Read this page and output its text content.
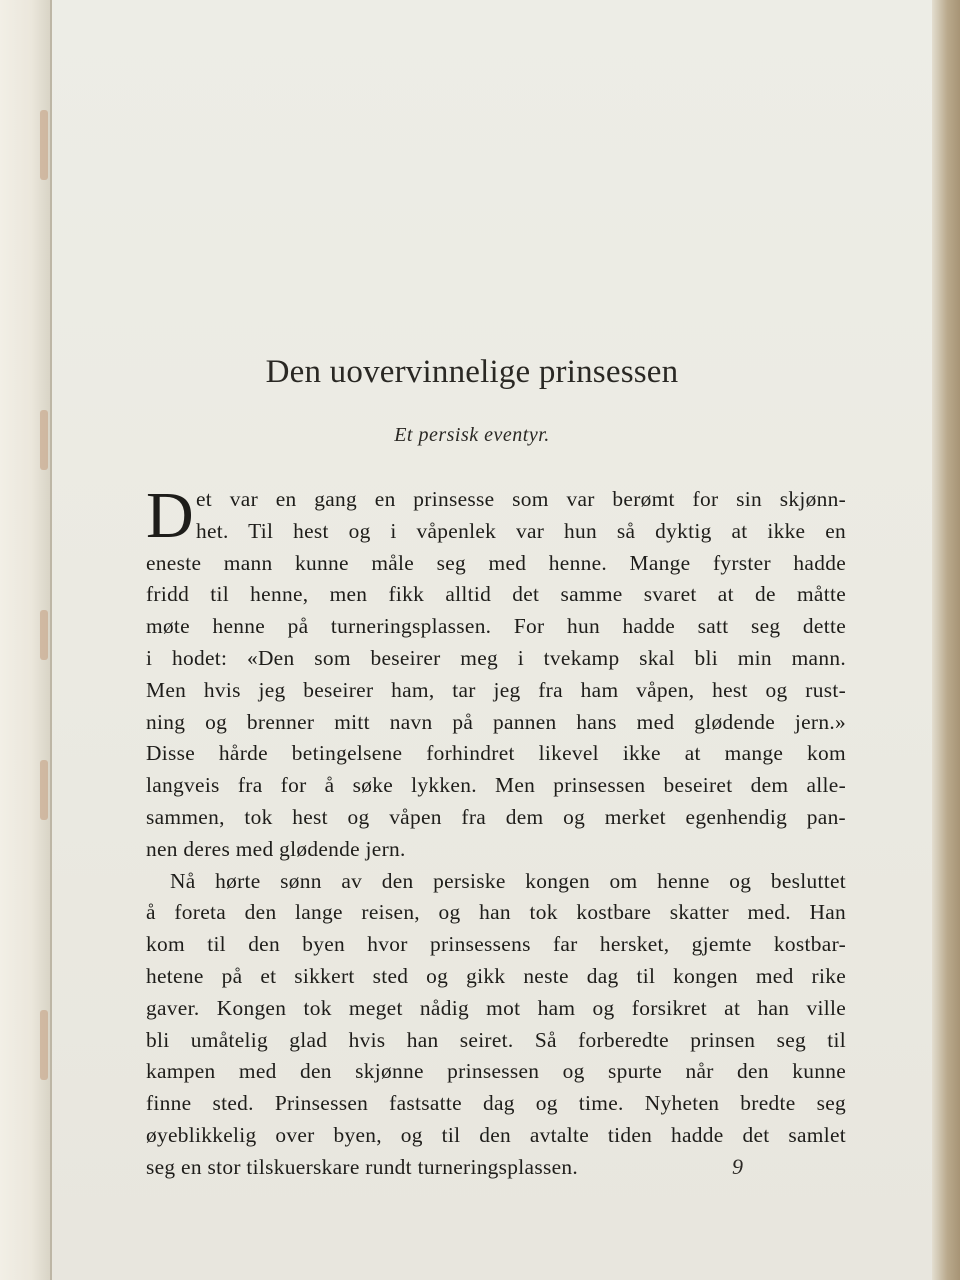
Den uovervinnelige prinsessen
Et persisk eventyr.
D et var en gang en prinsesse som var berømt for sin skjønn-
het. Til hest og i våpenlek var hun så dyktig at ikke en
eneste mann kunne måle seg med henne. Mange fyrster hadde
fridd til henne, men fikk alltid det samme svaret at de måtte
møte henne på turneringsplassen. For hun hadde satt seg dette
i hodet: «Den som beseirer meg i tvekamp skal bli min mann.
Men hvis jeg beseirer ham, tar jeg fra ham våpen, hest og rust-
ning og brenner mitt navn på pannen hans med glødende jern.»
Disse hårde betingelsene forhindret likevel ikke at mange kom
langveis fra for å søke lykken. Men prinsessen beseiret dem alle-
sammen, tok hest og våpen fra dem og merket egenhendig pan-
nen deres med glødende jern.
Nå hørte sønn av den persiske kongen om henne og besluttet
å foreta den lange reisen, og han tok kostbare skatter med. Han
kom til den byen hvor prinsessens far hersket, gjemte kostbar-
hetene på et sikkert sted og gikk neste dag til kongen med rike
gaver. Kongen tok meget nådig mot ham og forsikret at han ville
bli umåtelig glad hvis han seiret. Så forberedte prinsen seg til
kampen med den skjønne prinsessen og spurte når den kunne
finne sted. Prinsessen fastsatte dag og time. Nyheten bredte seg
øyeblikkelig over byen, og til den avtalte tiden hadde det samlet
seg en stor tilskuerskare rundt turneringsplassen.	9
